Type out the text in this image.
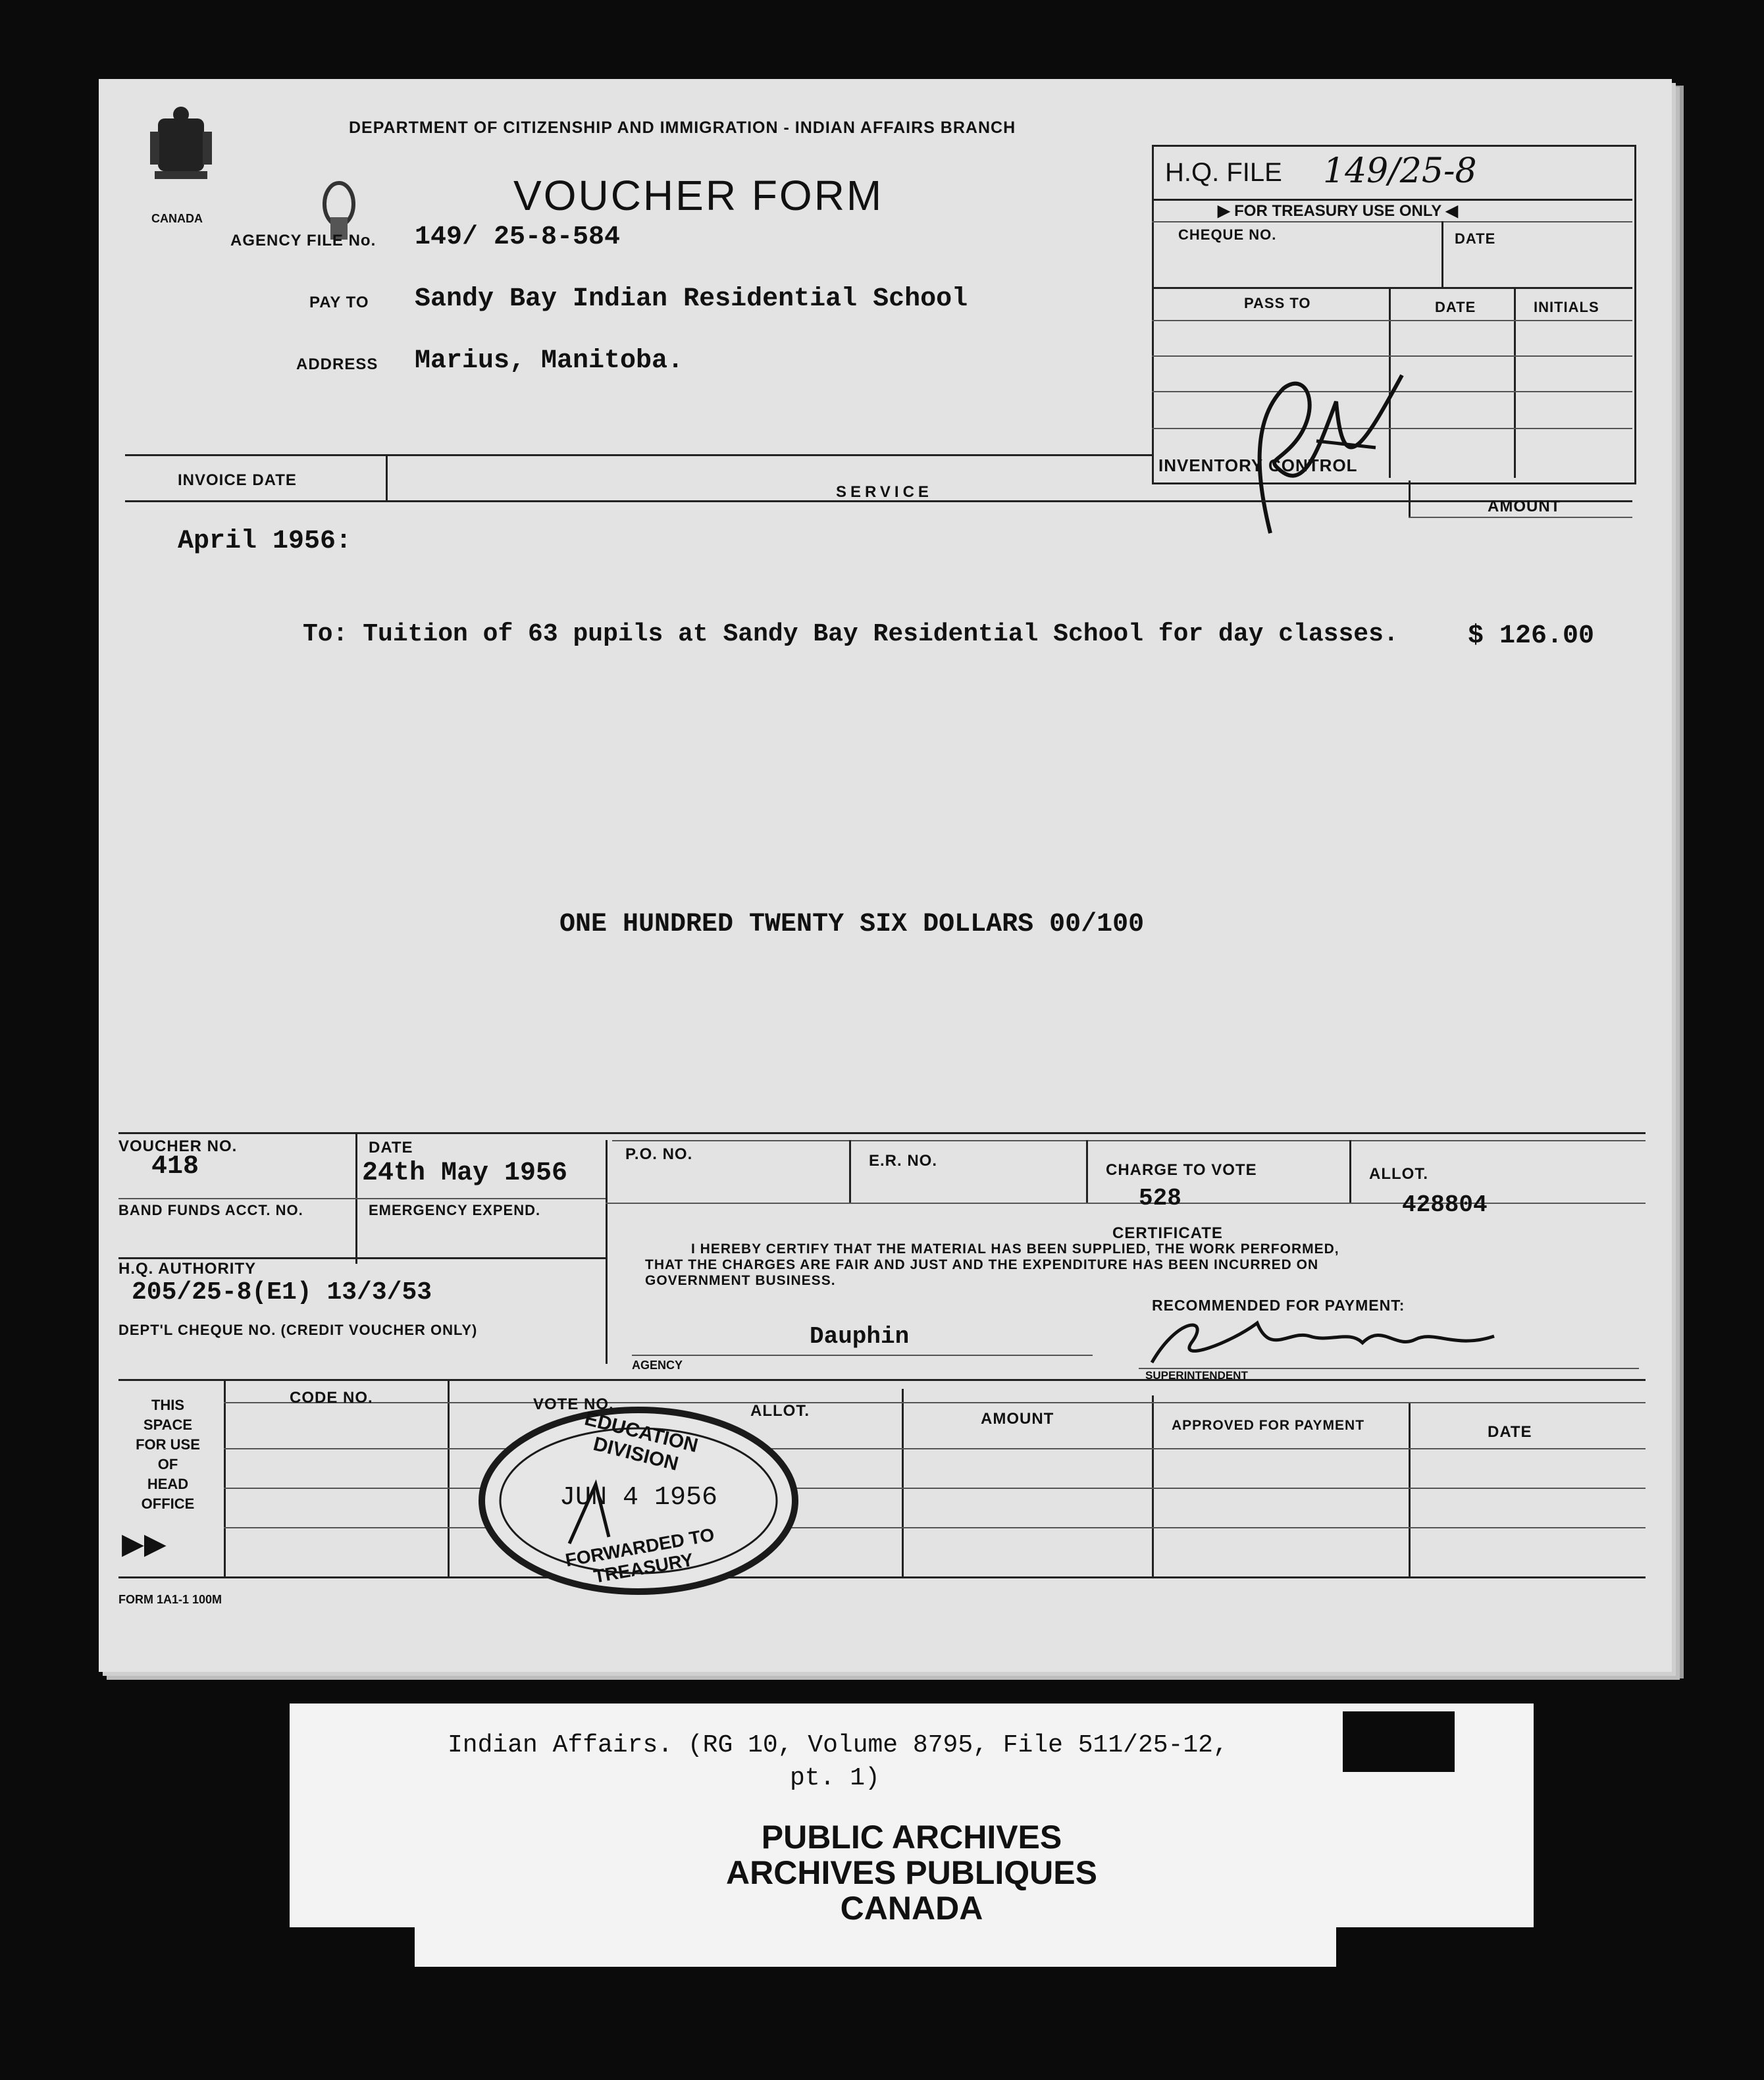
CANADA
DEPARTMENT OF CITIZENSHIP AND IMMIGRATION - INDIAN AFFAIRS BRANCH
VOUCHER FORM
AGENCY FILE No. 149/ 25-8-584
PAY TO Sandy Bay Indian Residential School
ADDRESS Marius, Manitoba.
H.Q. FILE 149/25-8
▶ FOR TREASURY USE ONLY ◀
CHEQUE NO.	DATE
PASS TO	DATE	INITIALS
INVENTORY CONTROL
INVOICE DATE
SERVICE
AMOUNT
April 1956:
To: Tuition of 63 pupils at Sandy Bay Residential School for day classes.	$ 126.00
ONE HUNDRED TWENTY SIX DOLLARS 00/100
VOUCHER NO.
418
DATE
24th May 1956
P.O. NO.	E.R. NO.
CHARGE TO VOTE
528
ALLOT.
428804
BAND FUNDS ACCT. NO.	EMERGENCY EXPEND.
H.Q. AUTHORITY
205/25-8(E1) 13/3/53
DEPT'L CHEQUE NO. (CREDIT VOUCHER ONLY)
CERTIFICATE
I HEREBY CERTIFY THAT THE MATERIAL HAS BEEN SUPPLIED, THE WORK PERFORMED,
THAT THE CHARGES ARE FAIR AND JUST AND THE EXPENDITURE HAS BEEN INCURRED ON
GOVERNMENT BUSINESS.
RECOMMENDED FOR PAYMENT:
Dauphin
AGENCY
SUPERINTENDENT
THIS
SPACE
FOR USE
OF
HEAD
OFFICE
▶▶
CODE NO.	VOTE NO.	ALLOT.	AMOUNT	APPROVED FOR PAYMENT	DATE
EDUCATION DIVISION
JUN 4 1956
FORWARDED TO TREASURY
FORM 1A1-1 100M
Indian Affairs. (RG 10, Volume 8795, File 511/25-12,
pt. 1)
PUBLIC ARCHIVES
ARCHIVES PUBLIQUES
CANADA
